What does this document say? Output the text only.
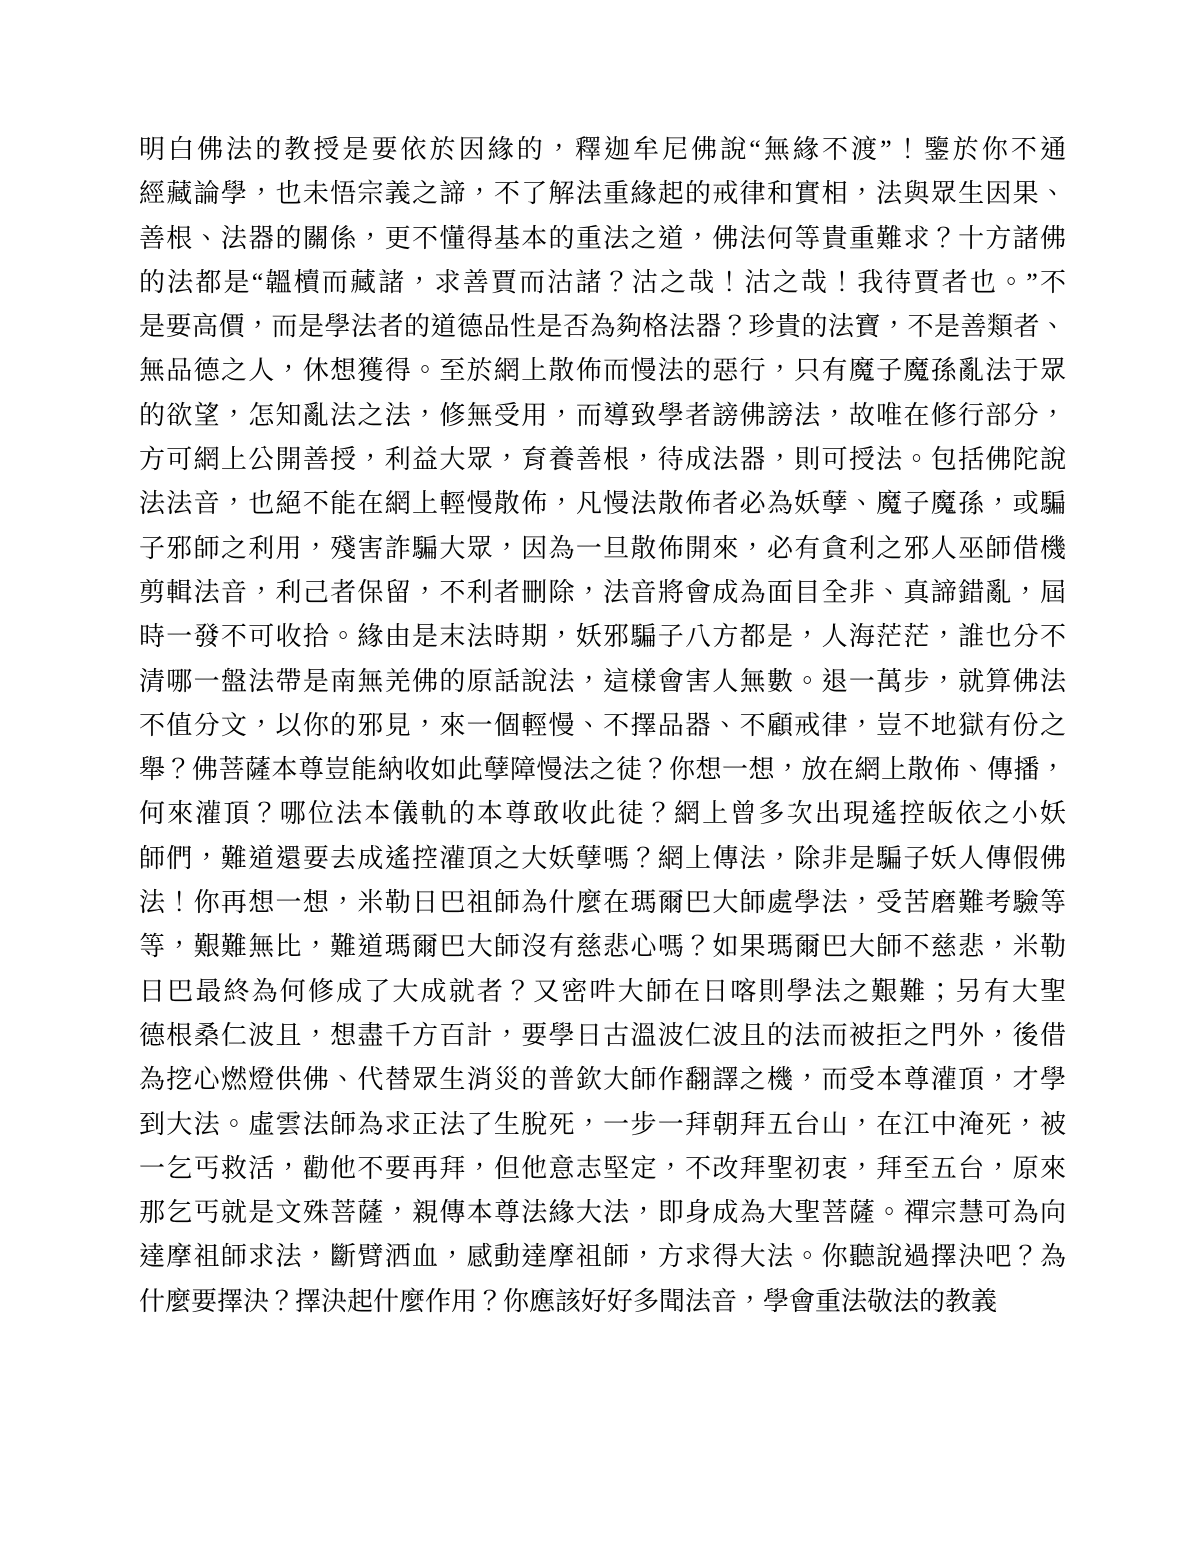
明白佛法的教授是要依於因緣的，釋迦牟尼佛說“無緣不渡”！鑒於你不通
經藏論學，也未悟宗義之諦，不了解法重緣起的戒律和實相，法與眾生因果、
善根、法器的關係，更不懂得基本的重法之道，佛法何等貴重難求？十方諸佛
的法都是“韞櫝而藏諸，求善賈而沽諸？沽之哉！沽之哉！我待賈者也。”不
是要高價，而是學法者的道德品性是否為夠格法器？珍貴的法寶，不是善類者、
無品德之人，休想獲得。至於網上散佈而慢法的惡行，只有魔子魔孫亂法于眾
的欲望，怎知亂法之法，修無受用，而導致學者謗佛謗法，故唯在修行部分，
方可網上公開善授，利益大眾，育養善根，待成法器，則可授法。包括佛陀說
法法音，也絕不能在網上輕慢散佈，凡慢法散佈者必為妖孽、魔子魔孫，或騙
子邪師之利用，殘害詐騙大眾，因為一旦散佈開來，必有貪利之邪人巫師借機
剪輯法音，利己者保留，不利者刪除，法音將會成為面目全非、真諦錯亂，屆
時一發不可收拾。緣由是末法時期，妖邪騙子八方都是，人海茫茫，誰也分不
清哪一盤法帶是南無羌佛的原話說法，這樣會害人無數。退一萬步，就算佛法
不值分文，以你的邪見，來一個輕慢、不擇品器、不顧戒律，豈不地獄有份之
舉？佛菩薩本尊豈能納收如此孽障慢法之徒？你想一想，放在網上散佈、傳播，
何來灌頂？哪位法本儀軌的本尊敢收此徒？網上曾多次出現遙控皈依之小妖
師們，難道還要去成遙控灌頂之大妖孽嗎？網上傳法，除非是騙子妖人傳假佛
法！你再想一想，米勒日巴祖師為什麼在瑪爾巴大師處學法，受苦磨難考驗等
等，艱難無比，難道瑪爾巴大師沒有慈悲心嗎？如果瑪爾巴大師不慈悲，米勒
日巴最終為何修成了大成就者？又密吽大師在日喀則學法之艱難；另有大聖
德根桑仁波且，想盡千方百計，要學日古溫波仁波且的法而被拒之門外，後借
為挖心燃燈供佛、代替眾生消災的普欽大師作翻譯之機，而受本尊灌頂，才學
到大法。虛雲法師為求正法了生脫死，一步一拜朝拜五台山，在江中淹死，被
一乞丐救活，勸他不要再拜，但他意志堅定，不改拜聖初衷，拜至五台，原來
那乞丐就是文殊菩薩，親傳本尊法緣大法，即身成為大聖菩薩。禪宗慧可為向
達摩祖師求法，斷臂洒血，感動達摩祖師，方求得大法。你聽說過擇決吧？為
什麼要擇決？擇決起什麼作用？你應該好好多聞法音，學會重法敬法的教義
